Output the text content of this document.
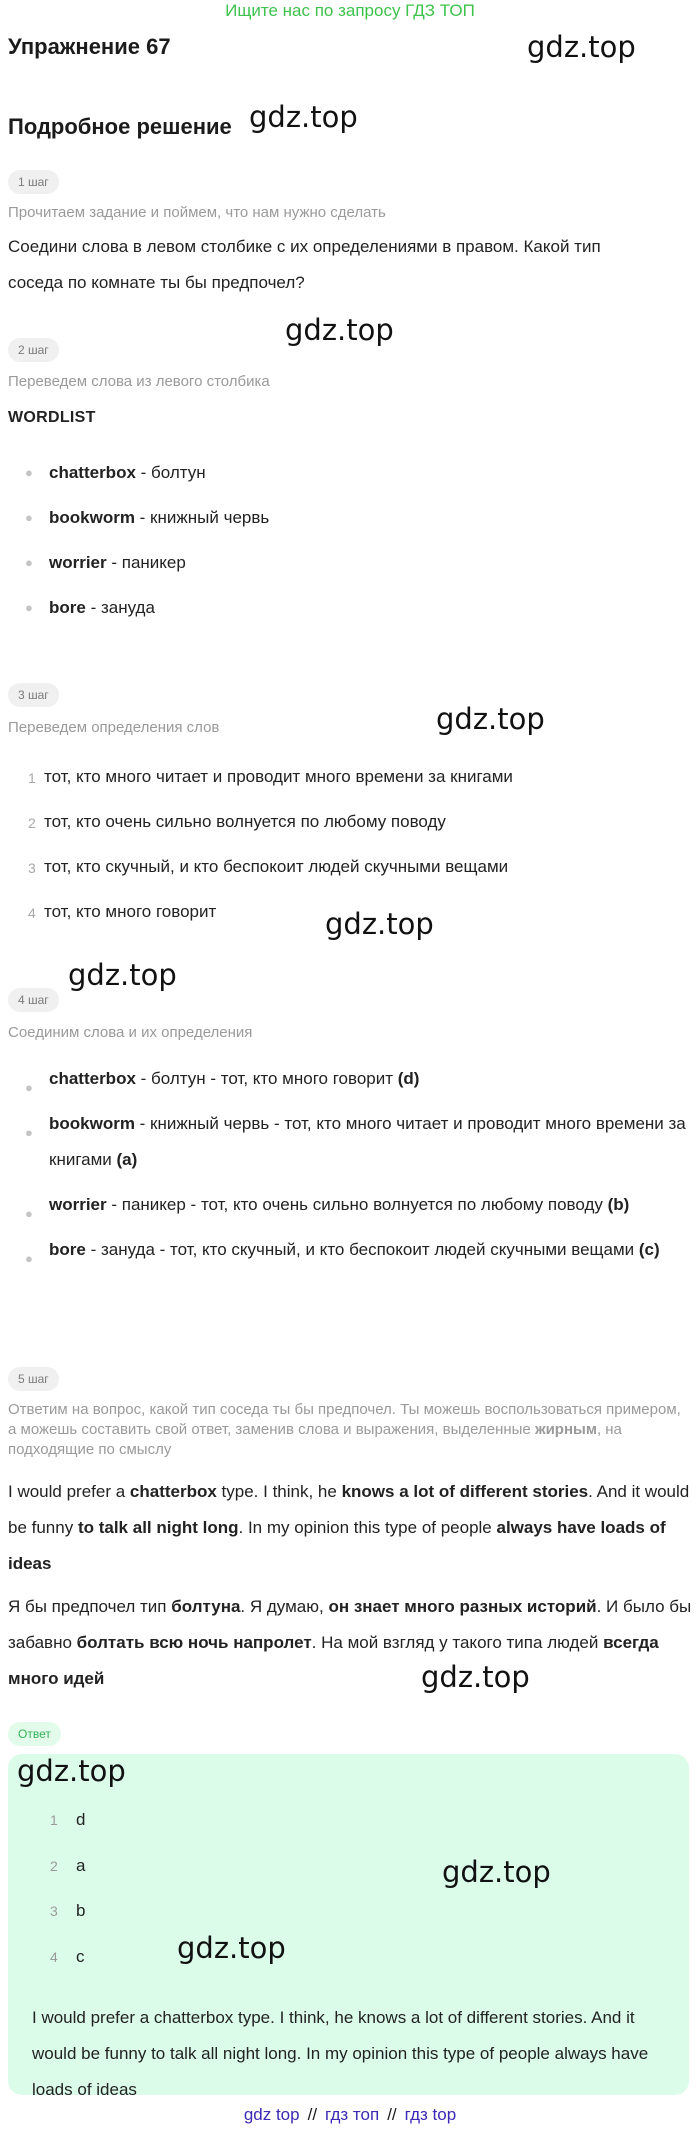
Ищите нас по запросу ГДЗ ТОП
Упражнение 67	gdz.top
Подробное решение gdz.top
1 шаг
Прочитаем задание и поймем, что нам нужно сделать
Соедини слова в левом столбике с их определениями в правом. Какой тип
соседа по комнате ты бы предпочел?
gdz.top
2 шаг
Переведем слова из левого столбика
WORDLIST
● chatterbox - болтун
● bookworm - книжный червь
● worrier - паникер
● bore - зануда
3 шаг
Переведем определения слов	gdz.top
1 тот, кто много читает и проводит много времени за книгами
2 тот, кто очень сильно волнуется по любому поводу
3 тот, кто скучный, и кто беспокоит людей скучными вещами
4 тот, кто много говорит	gdz.top
gdz.top
4 шаг
Соединим слова и их определения
● chatterbox - болтун - тот, кто много говорит (d)
● bookworm - книжный червь - тот, кто много читает и проводит много времени за книгами (a)
● worrier - паникер - тот, кто очень сильно волнуется по любому поводу (b)
● bore - зануда - тот, кто скучный, и кто беспокоит людей скучными вещами (c)
5 шаг
Ответим на вопрос, какой тип соседа ты бы предпочел. Ты можешь воспользоваться примером, а можешь составить свой ответ, заменив слова и выражения, выделенные жирным, на подходящие по смыслу
I would prefer a chatterbox type. I think, he knows a lot of different stories. And it would be funny to talk all night long. In my opinion this type of people always have loads of ideas
Я бы предпочел тип болтуна. Я думаю, он знает много разных историй. И было бы забавно болтать всю ночь напролет. На мой взгляд у такого типа людей всегда много идей	gdz.top
Ответ
gdz.top
1 d
2 a
3 b
4 c
gdz.top
gdz.top
I would prefer a chatterbox type. I think, he knows a lot of different stories. And it would be funny to talk all night long. In my opinion this type of people always have loads of ideas
gdz top // гдз топ // гдз top
